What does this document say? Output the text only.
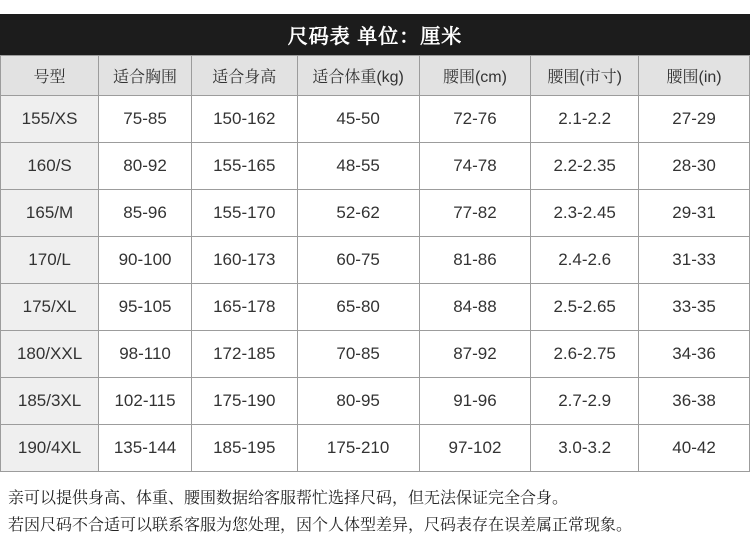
尺码表 单位：厘米
号型	适合胸围	适合身高	适合体重(kg)	腰围(cm)	腰围(市寸)	腰围(in)
155/XS	75-85	150-162	45-50	72-76	2.1-2.2	27-29
160/S	80-92	155-165	48-55	74-78	2.2-2.35	28-30
165/M	85-96	155-170	52-62	77-82	2.3-2.45	29-31
170/L	90-100	160-173	60-75	81-86	2.4-2.6	31-33
175/XL	95-105	165-178	65-80	84-88	2.5-2.65	33-35
180/XXL	98-110	172-185	70-85	87-92	2.6-2.75	34-36
185/3XL	102-115	175-190	80-95	91-96	2.7-2.9	36-38
190/4XL	135-144	185-195	175-210	97-102	3.0-3.2	40-42

亲可以提供身高、体重、腰围数据给客服帮忙选择尺码，但无法保证完全合身。

若因尺码不合适可以联系客服为您处理，因个人体型差异，尺码表存在误差属正常现象。
